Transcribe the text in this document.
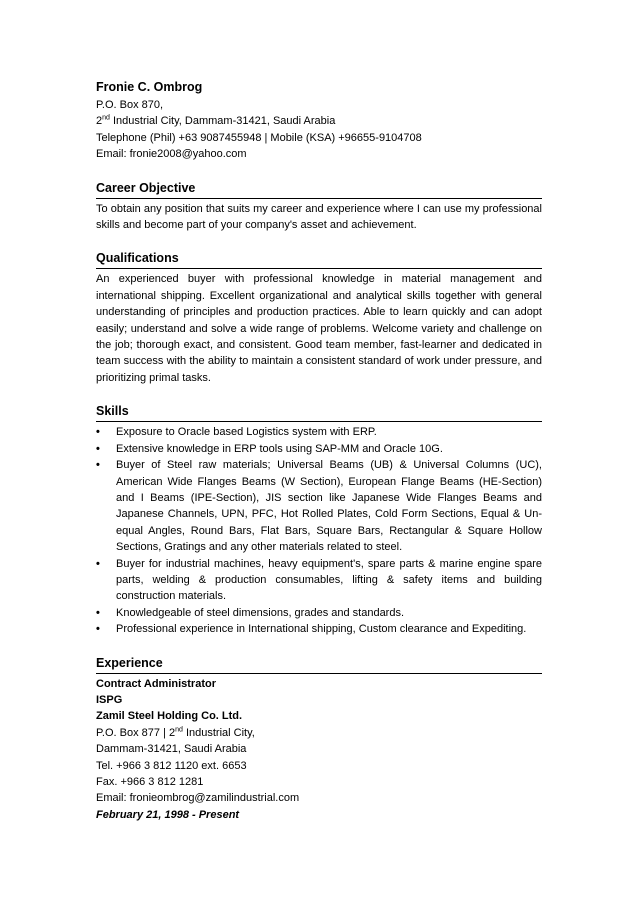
Fronie C. Ombrog
P.O. Box 870,
2nd Industrial City, Dammam-31421, Saudi Arabia
Telephone (Phil) +63 9087455948 | Mobile (KSA) +96655-9104708
Email: fronie2008@yahoo.com
Career Objective
To obtain any position that suits my career and experience where I can use my professional skills and become part of your company's asset and achievement.
Qualifications
An experienced buyer with professional knowledge in material management and international shipping. Excellent organizational and analytical skills together with general understanding of principles and production practices. Able to learn quickly and can adopt easily; understand and solve a wide range of problems. Welcome variety and challenge on the job; thorough exact, and consistent. Good team member, fast-learner and dedicated in team success with the ability to maintain a consistent standard of work under pressure, and prioritizing primal tasks.
Skills
• Exposure to Oracle based Logistics system with ERP.
• Extensive knowledge in ERP tools using SAP-MM and Oracle 10G.
• Buyer of Steel raw materials; Universal Beams (UB) & Universal Columns (UC), American Wide Flanges Beams (W Section), European Flange Beams (HE-Section) and I Beams (IPE-Section), JIS section like Japanese Wide Flanges Beams and Japanese Channels, UPN, PFC, Hot Rolled Plates, Cold Form Sections, Equal & Un-equal Angles, Round Bars, Flat Bars, Square Bars, Rectangular & Square Hollow Sections, Gratings and any other materials related to steel.
• Buyer for industrial machines, heavy equipment's, spare parts & marine engine spare parts, welding & production consumables, lifting & safety items and building construction materials.
• Knowledgeable of steel dimensions, grades and standards.
• Professional experience in International shipping, Custom clearance and Expediting.
Experience
Contract Administrator
ISPG
Zamil Steel Holding Co. Ltd.
P.O. Box 877 | 2nd Industrial City,
Dammam-31421, Saudi Arabia
Tel. +966 3 812 1120 ext. 6653
Fax. +966 3 812 1281
Email: fronieombrog@zamilindustrial.com
February 21, 1998 - Present
